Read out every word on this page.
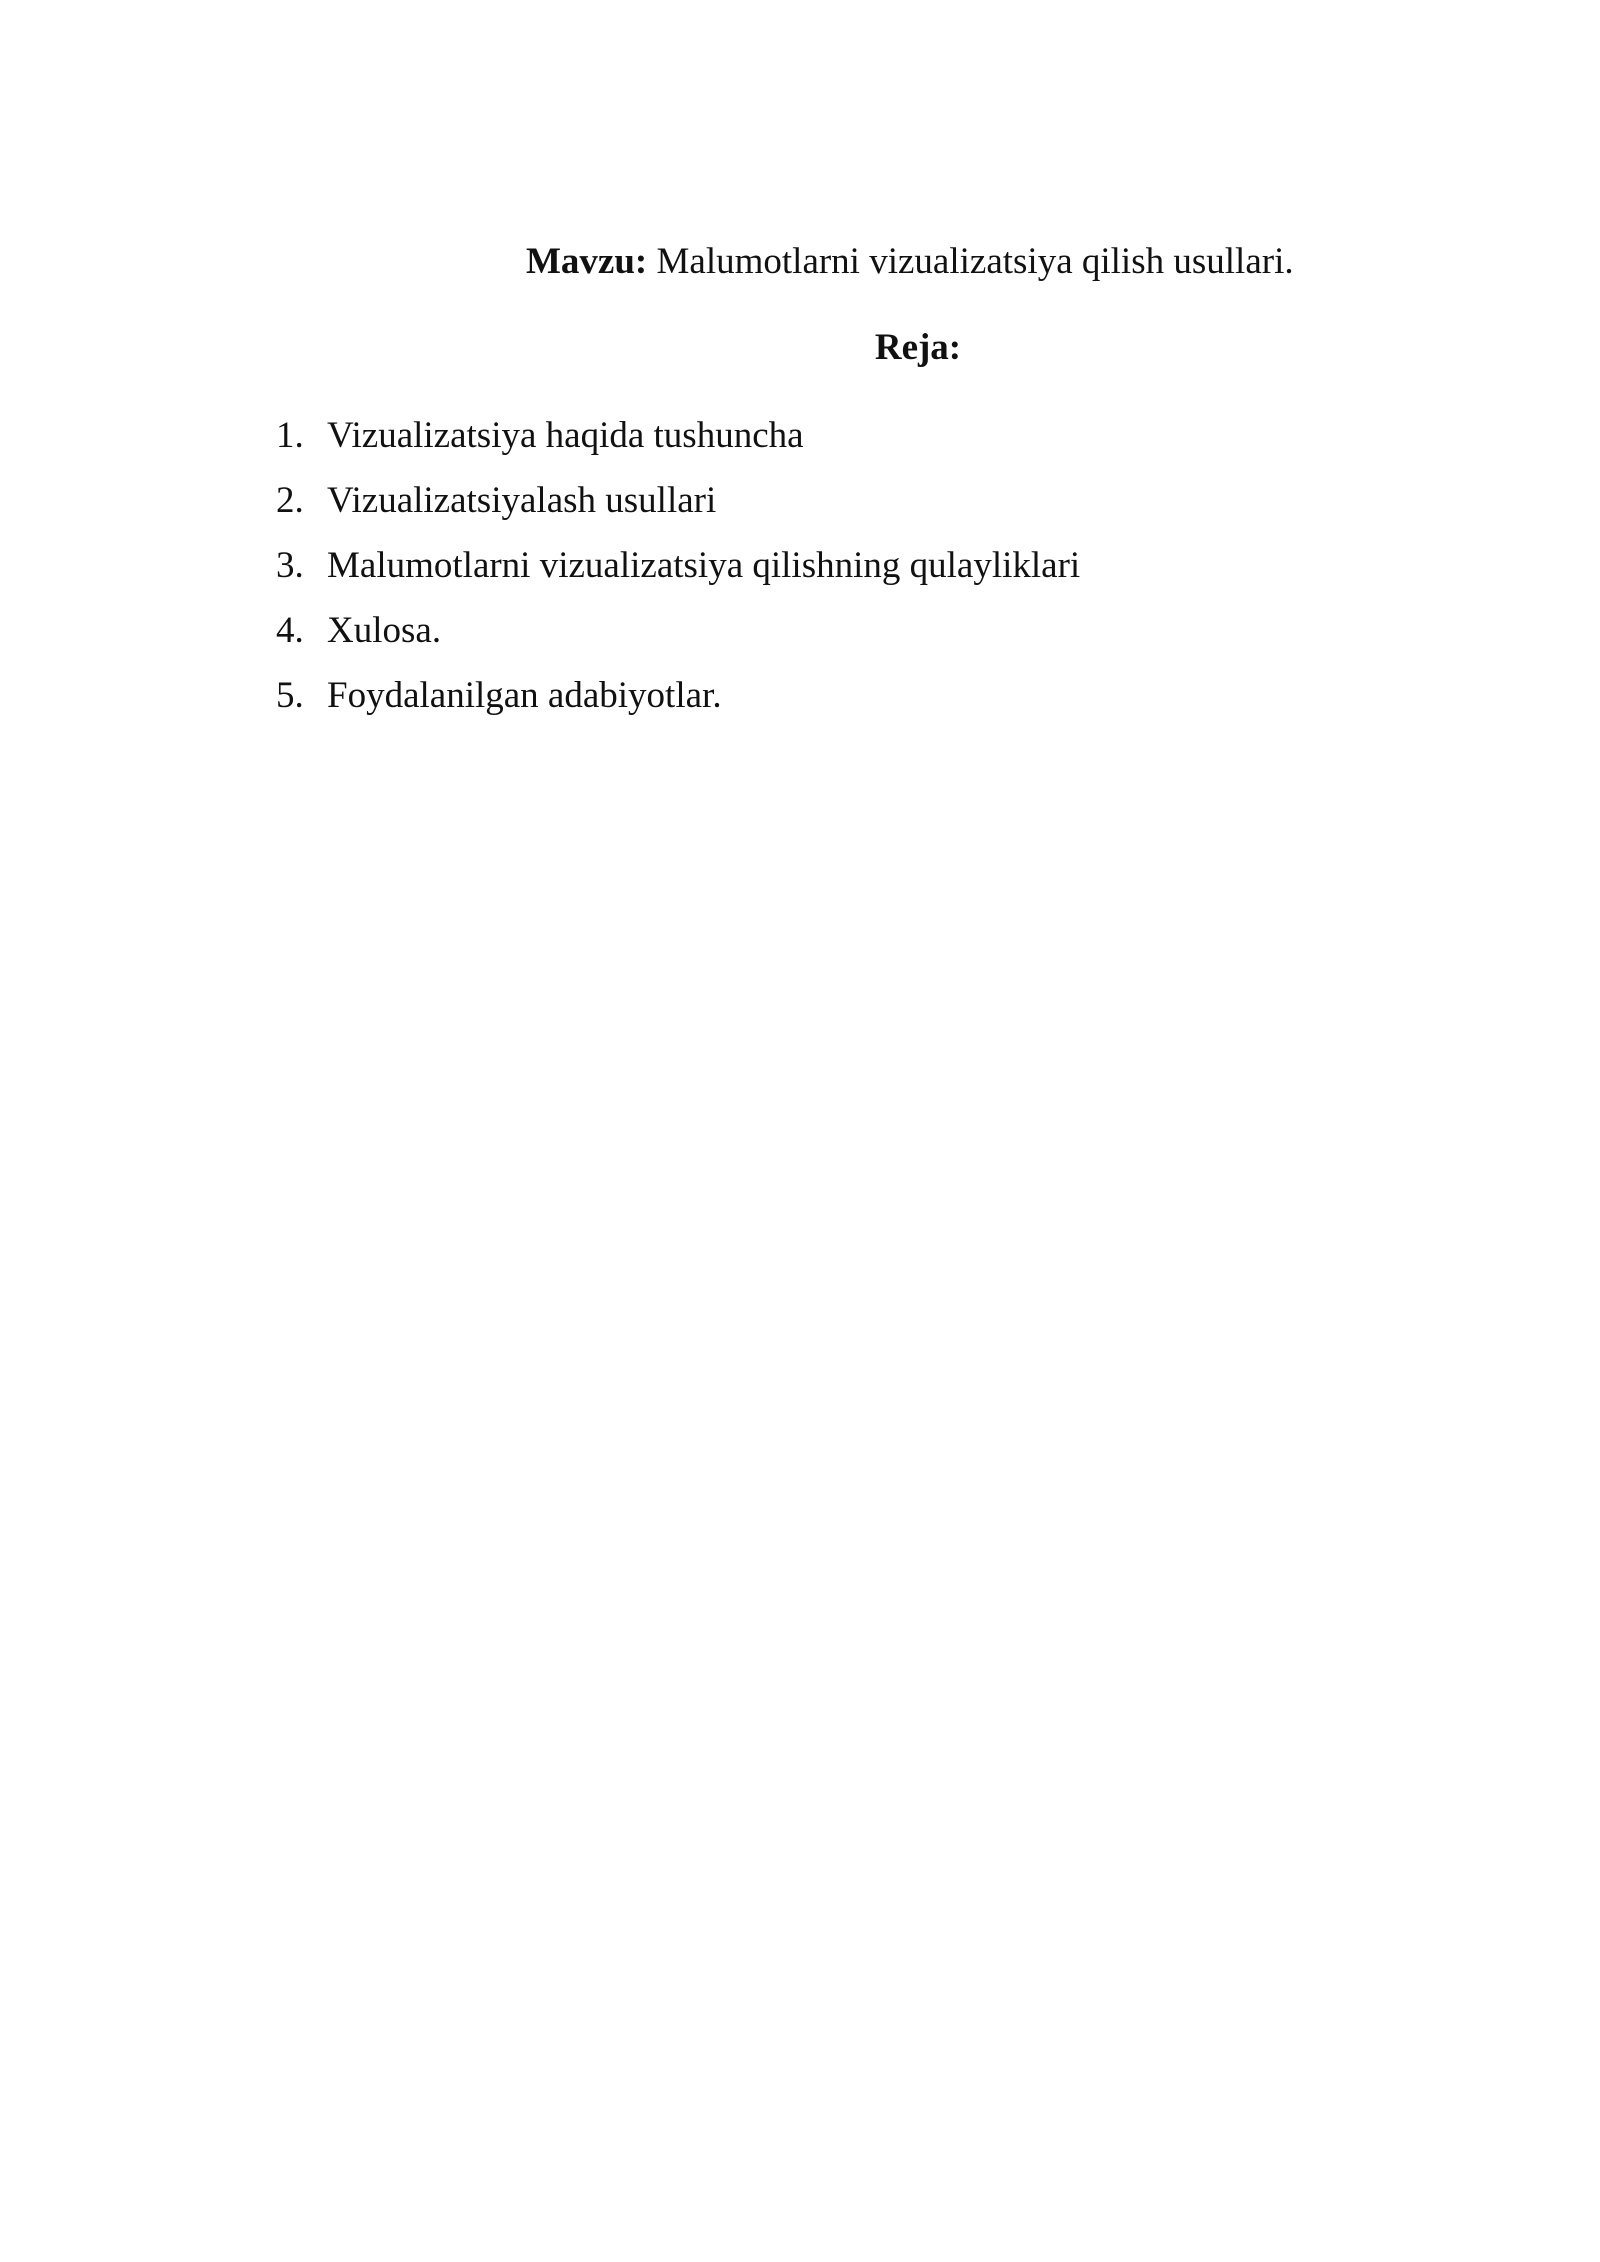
Mavzu: Malumotlarni vizualizatsiya qilish usullari.
Reja:
1. Vizualizatsiya haqida tushuncha
2. Vizualizatsiyalash usullari
3. Malumotlarni vizualizatsiya qilishning qulayliklari
4. Xulosa.
5. Foydalanilgan adabiyotlar.
